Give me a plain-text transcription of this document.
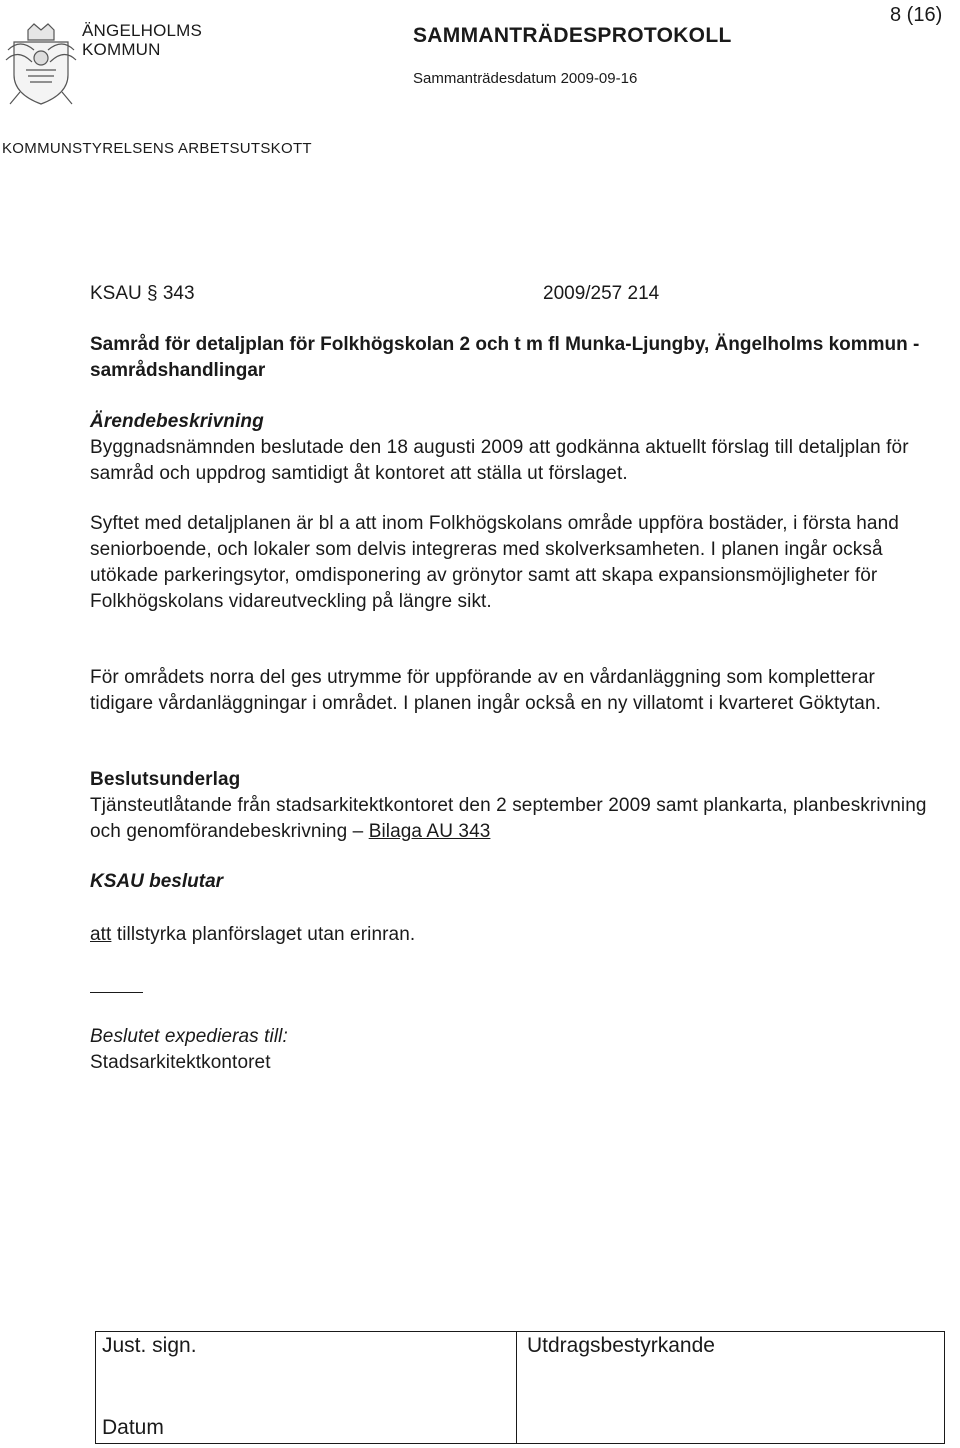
ÄNGELHOLMS
KOMMUN
SAMMANTRÄDESPROTOKOLL
8 (16)
Sammanträdesdatum 2009-09-16
KOMMUNSTYRELSENS ARBETSUTSKOTT
KSAU § 343	2009/257 214
Samråd för detaljplan för Folkhögskolan 2 och t m fl Munka-Ljungby, Ängelholms kommun - samrådshandlingar
Ärendebeskrivning
Byggnadsnämnden beslutade den 18 augusti 2009 att godkänna aktuellt förslag till detaljplan för samråd och uppdrog samtidigt åt kontoret att ställa ut förslaget.
Syftet med detaljplanen är bl a att inom Folkhögskolans område uppföra bostäder, i första hand seniorboende, och lokaler som delvis integreras med skolverksamheten. I planen ingår också utökade parkeringsytor, omdisponering av grönytor samt att skapa expansionsmöjligheter för Folkhögskolans vidareutveckling på längre sikt.
För områdets norra del ges utrymme för uppförande av en vårdanläggning som kompletterar tidigare vårdanläggningar i området. I planen ingår också en ny villatomt i kvarteret Göktytan.
Beslutsunderlag
Tjänsteutlåtande från stadsarkitektkontoret den 2 september 2009 samt plankarta, planbeskrivning och genomförandebeskrivning – Bilaga AU 343
KSAU beslutar
att tillstyrka planförslaget utan erinran.
Beslutet expedieras till:
Stadsarkitektkontoret
Just. sign.
Datum
Utdragsbestyrkande
